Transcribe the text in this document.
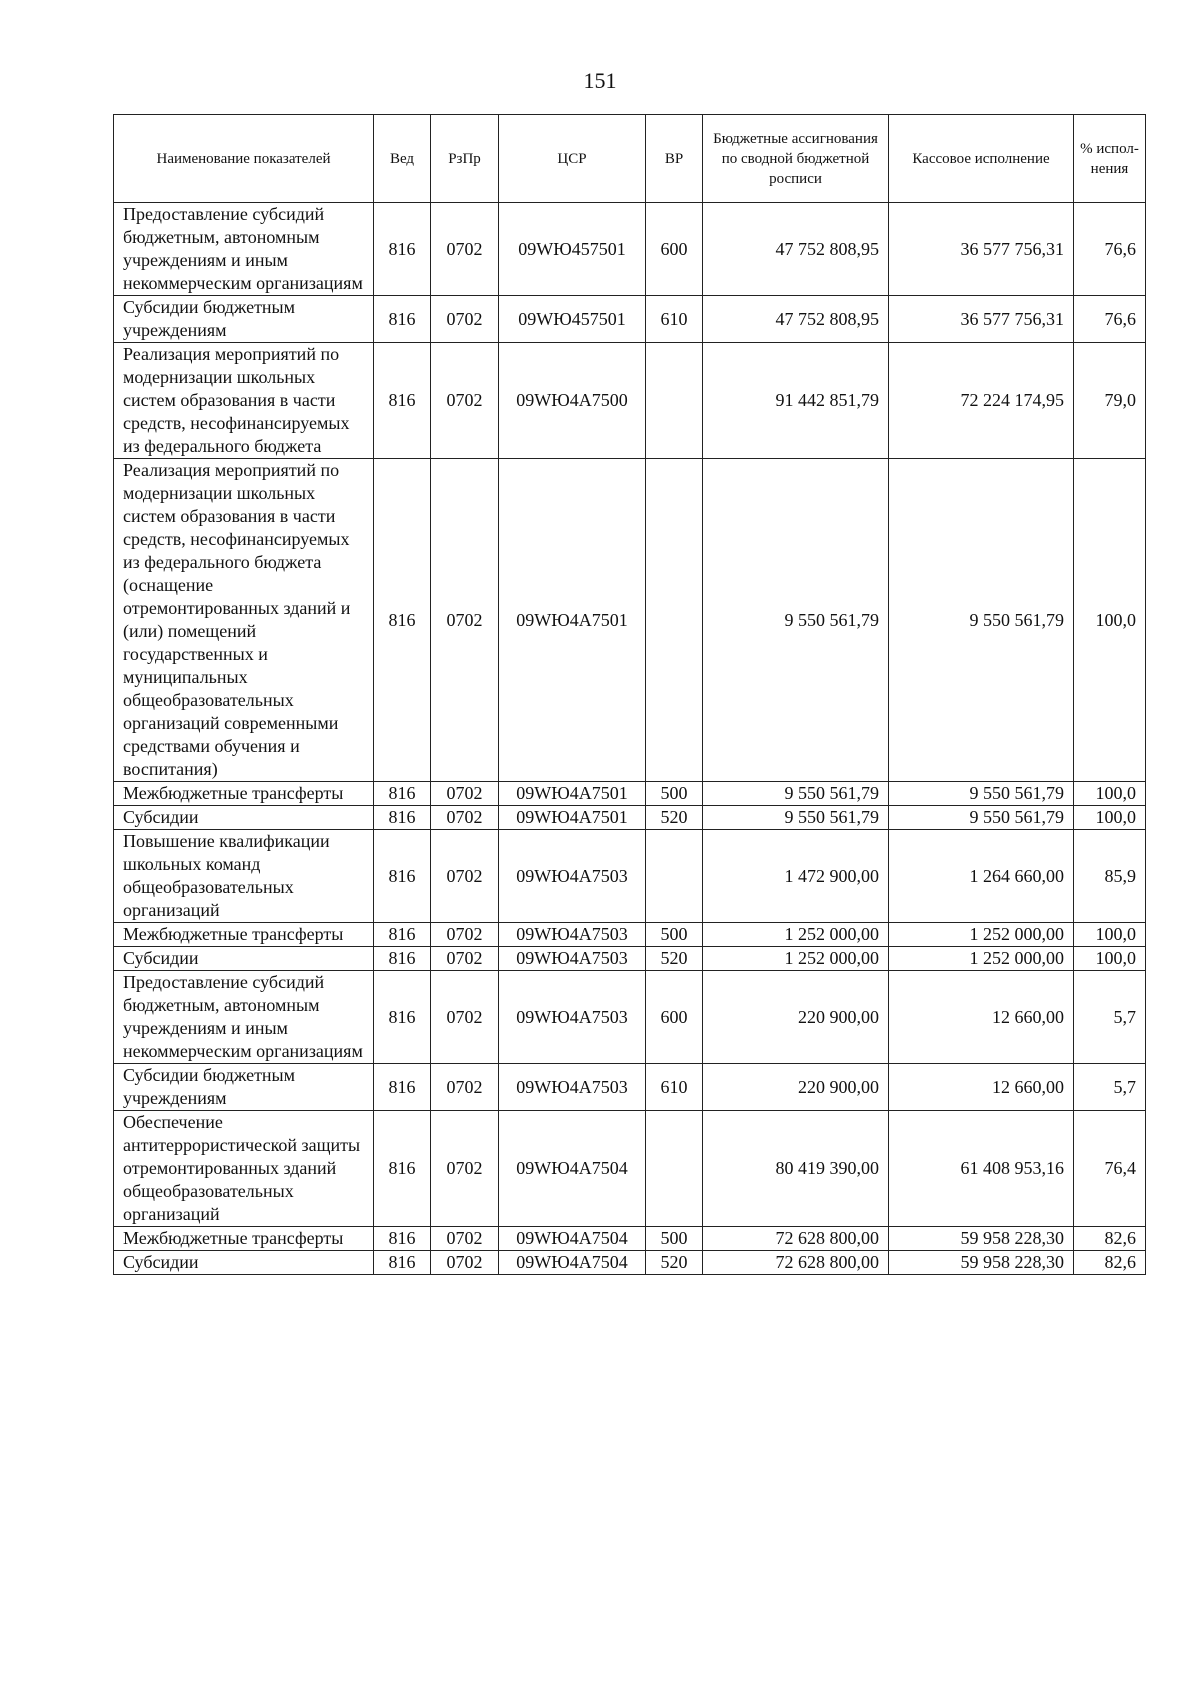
151
Наименование показателей	Вед	РзПр	ЦСР	ВР	Бюджетные ассигнования по сводной бюджетной росписи	Кассовое исполнение	% испол-нения
Предоставление субсидий бюджетным, автономным учреждениям и иным некоммерческим организациям	816	0702	09WЮ457501	600	47 752 808,95	36 577 756,31	76,6
Субсидии бюджетным учреждениям	816	0702	09WЮ457501	610	47 752 808,95	36 577 756,31	76,6
Реализация мероприятий по модернизации школьных систем образования в части средств, несофинансируемых из федерального бюджета	816	0702	09WЮ4A7500		91 442 851,79	72 224 174,95	79,0
Реализация мероприятий по модернизации школьных систем образования в части средств, несофинансируемых из федерального бюджета (оснащение отремонтированных зданий и (или) помещений государственных и муниципальных общеобразовательных организаций современными средствами обучения и воспитания)	816	0702	09WЮ4A7501		9 550 561,79	9 550 561,79	100,0
Межбюджетные трансферты	816	0702	09WЮ4A7501	500	9 550 561,79	9 550 561,79	100,0
Субсидии	816	0702	09WЮ4A7501	520	9 550 561,79	9 550 561,79	100,0
Повышение квалификации школьных команд общеобразовательных организаций	816	0702	09WЮ4A7503		1 472 900,00	1 264 660,00	85,9
Межбюджетные трансферты	816	0702	09WЮ4A7503	500	1 252 000,00	1 252 000,00	100,0
Субсидии	816	0702	09WЮ4A7503	520	1 252 000,00	1 252 000,00	100,0
Предоставление субсидий бюджетным, автономным учреждениям и иным некоммерческим организациям	816	0702	09WЮ4A7503	600	220 900,00	12 660,00	5,7
Субсидии бюджетным учреждениям	816	0702	09WЮ4A7503	610	220 900,00	12 660,00	5,7
Обеспечение антитеррористической защиты отремонтированных зданий общеобразовательных организаций	816	0702	09WЮ4A7504		80 419 390,00	61 408 953,16	76,4
Межбюджетные трансферты	816	0702	09WЮ4A7504	500	72 628 800,00	59 958 228,30	82,6
Субсидии	816	0702	09WЮ4A7504	520	72 628 800,00	59 958 228,30	82,6
